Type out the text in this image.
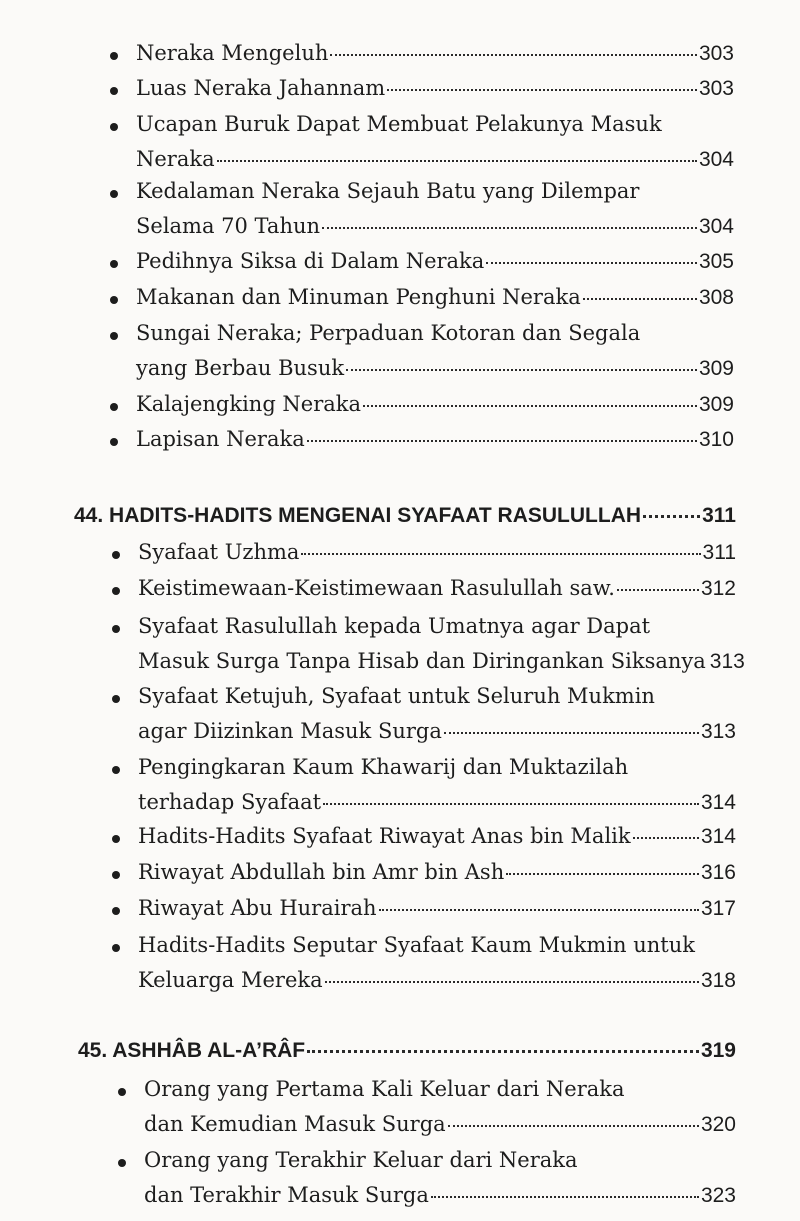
Neraka Mengeluh	303
Luas Neraka Jahannam	303
Ucapan Buruk Dapat Membuat Pelakunya Masuk
Neraka	304
Kedalaman Neraka Sejauh Batu yang Dilempar
Selama 70 Tahun	304
Pedihnya Siksa di Dalam Neraka	305
Makanan dan Minuman Penghuni Neraka	308
Sungai Neraka; Perpaduan Kotoran dan Segala
yang Berbau Busuk	309
Kalajengking Neraka	309
Lapisan Neraka	310
44. HADITS-HADITS MENGENAI SYAFAAT RASULULLAH	311
Syafaat Uzhma	311
Keistimewaan-Keistimewaan Rasulullah saw.	312
Syafaat Rasulullah kepada Umatnya agar Dapat
Masuk Surga Tanpa Hisab dan Diringankan Siksanya 313
Syafaat Ketujuh, Syafaat untuk Seluruh Mukmin
agar Diizinkan Masuk Surga	313
Pengingkaran Kaum Khawarij dan Muktazilah
terhadap Syafaat	314
Hadits-Hadits Syafaat Riwayat Anas bin Malik	314
Riwayat Abdullah bin Amr bin Ash	316
Riwayat Abu Hurairah	317
Hadits-Hadits Seputar Syafaat Kaum Mukmin untuk
Keluarga Mereka	318
45. ASHHÂB AL-A’RÂF	319
Orang yang Pertama Kali Keluar dari Neraka
dan Kemudian Masuk Surga	320
Orang yang Terakhir Keluar dari Neraka
dan Terakhir Masuk Surga	323
